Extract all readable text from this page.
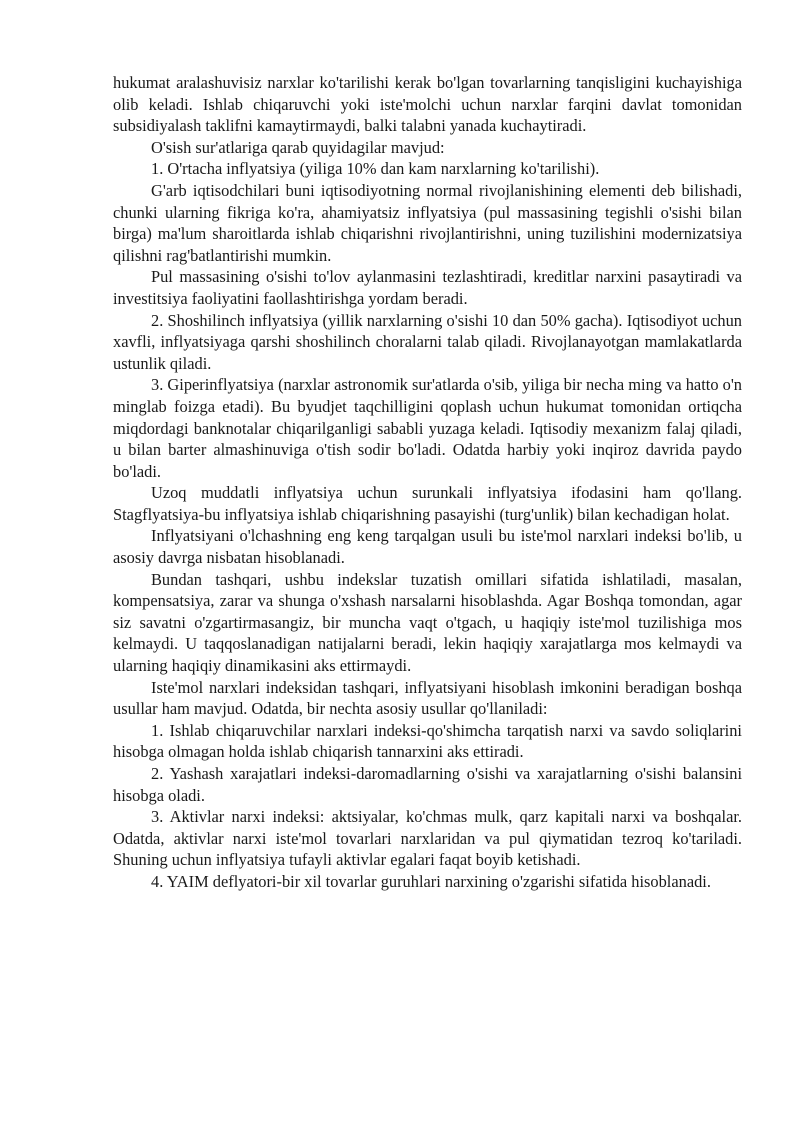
hukumat aralashuvisiz narxlar ko'tarilishi kerak bo'lgan tovarlarning tanqisligini kuchayishiga olib keladi. Ishlab chiqaruvchi yoki iste'molchi uchun narxlar farqini davlat tomonidan subsidiyalash taklifni kamaytirmaydi, balki talabni yanada kuchaytiradi.

O'sish sur'atlariga qarab quyidagilar mavjud:

1. O'rtacha inflyatsiya (yiliga 10% dan kam narxlarning ko'tarilishi).

G'arb iqtisodchilari buni iqtisodiyotning normal rivojlanishining elementi deb bilishadi, chunki ularning fikriga ko'ra, ahamiyatsiz inflyatsiya (pul massasining tegishli o'sishi bilan birga) ma'lum sharoitlarda ishlab chiqarishni rivojlantirishni, uning tuzilishini modernizatsiya qilishni rag'batlantirishi mumkin.

Pul massasining o'sishi to'lov aylanmasini tezlashtiradi, kreditlar narxini pasaytiradi va investitsiya faoliyatini faollashtirishga yordam beradi.

2. Shoshilinch inflyatsiya (yillik narxlarning o'sishi 10 dan 50% gacha). Iqtisodiyot uchun xavfli, inflyatsiyaga qarshi shoshilinch choralarni talab qiladi. Rivojlanayotgan mamlakatlarda ustunlik qiladi.

3. Giperinflyatsiya (narxlar astronomik sur'atlarda o'sib, yiliga bir necha ming va hatto o'n minglab foizga etadi). Bu byudjet taqchilligini qoplash uchun hukumat tomonidan ortiqcha miqdordagi banknotalar chiqarilganligi sababli yuzaga keladi. Iqtisodiy mexanizm falaj qiladi, u bilan barter almashinuviga o'tish sodir bo'ladi. Odatda harbiy yoki inqiroz davrida paydo bo'ladi.

Uzoq muddatli inflyatsiya uchun surunkali inflyatsiya ifodasini ham qo'llang. Stagflyatsiya-bu inflyatsiya ishlab chiqarishning pasayishi (turg'unlik) bilan kechadigan holat.

Inflyatsiyani o'lchashning eng keng tarqalgan usuli bu iste'mol narxlari indeksi bo'lib, u asosiy davrga nisbatan hisoblanadi.

Bundan tashqari, ushbu indekslar tuzatish omillari sifatida ishlatiladi, masalan, kompensatsiya, zarar va shunga o'xshash narsalarni hisoblashda. Agar Boshqa tomondan, agar siz savatni o'zgartirmasangiz, bir muncha vaqt o'tgach, u haqiqiy iste'mol tuzilishiga mos kelmaydi. U taqqoslanadigan natijalarni beradi, lekin haqiqiy xarajatlarga mos kelmaydi va ularning haqiqiy dinamikasini aks ettirmaydi.

Iste'mol narxlari indeksidan tashqari, inflyatsiyani hisoblash imkonini beradigan boshqa usullar ham mavjud. Odatda, bir nechta asosiy usullar qo'llaniladi:

1. Ishlab chiqaruvchilar narxlari indeksi-qo'shimcha tarqatish narxi va savdo soliqlarini hisobga olmagan holda ishlab chiqarish tannarxini aks ettiradi.

2. Yashash xarajatlari indeksi-daromadlarning o'sishi va xarajatlarning o'sishi balansini hisobga oladi.

3. Aktivlar narxi indeksi: aktsiyalar, ko'chmas mulk, qarz kapitali narxi va boshqalar. Odatda, aktivlar narxi iste'mol tovarlari narxlaridan va pul qiymatidan tezroq ko'tariladi. Shuning uchun inflyatsiya tufayli aktivlar egalari faqat boyib ketishadi.

4. YAIM deflyatori-bir xil tovarlar guruhlari narxining o'zgarishi sifatida hisoblanadi.
